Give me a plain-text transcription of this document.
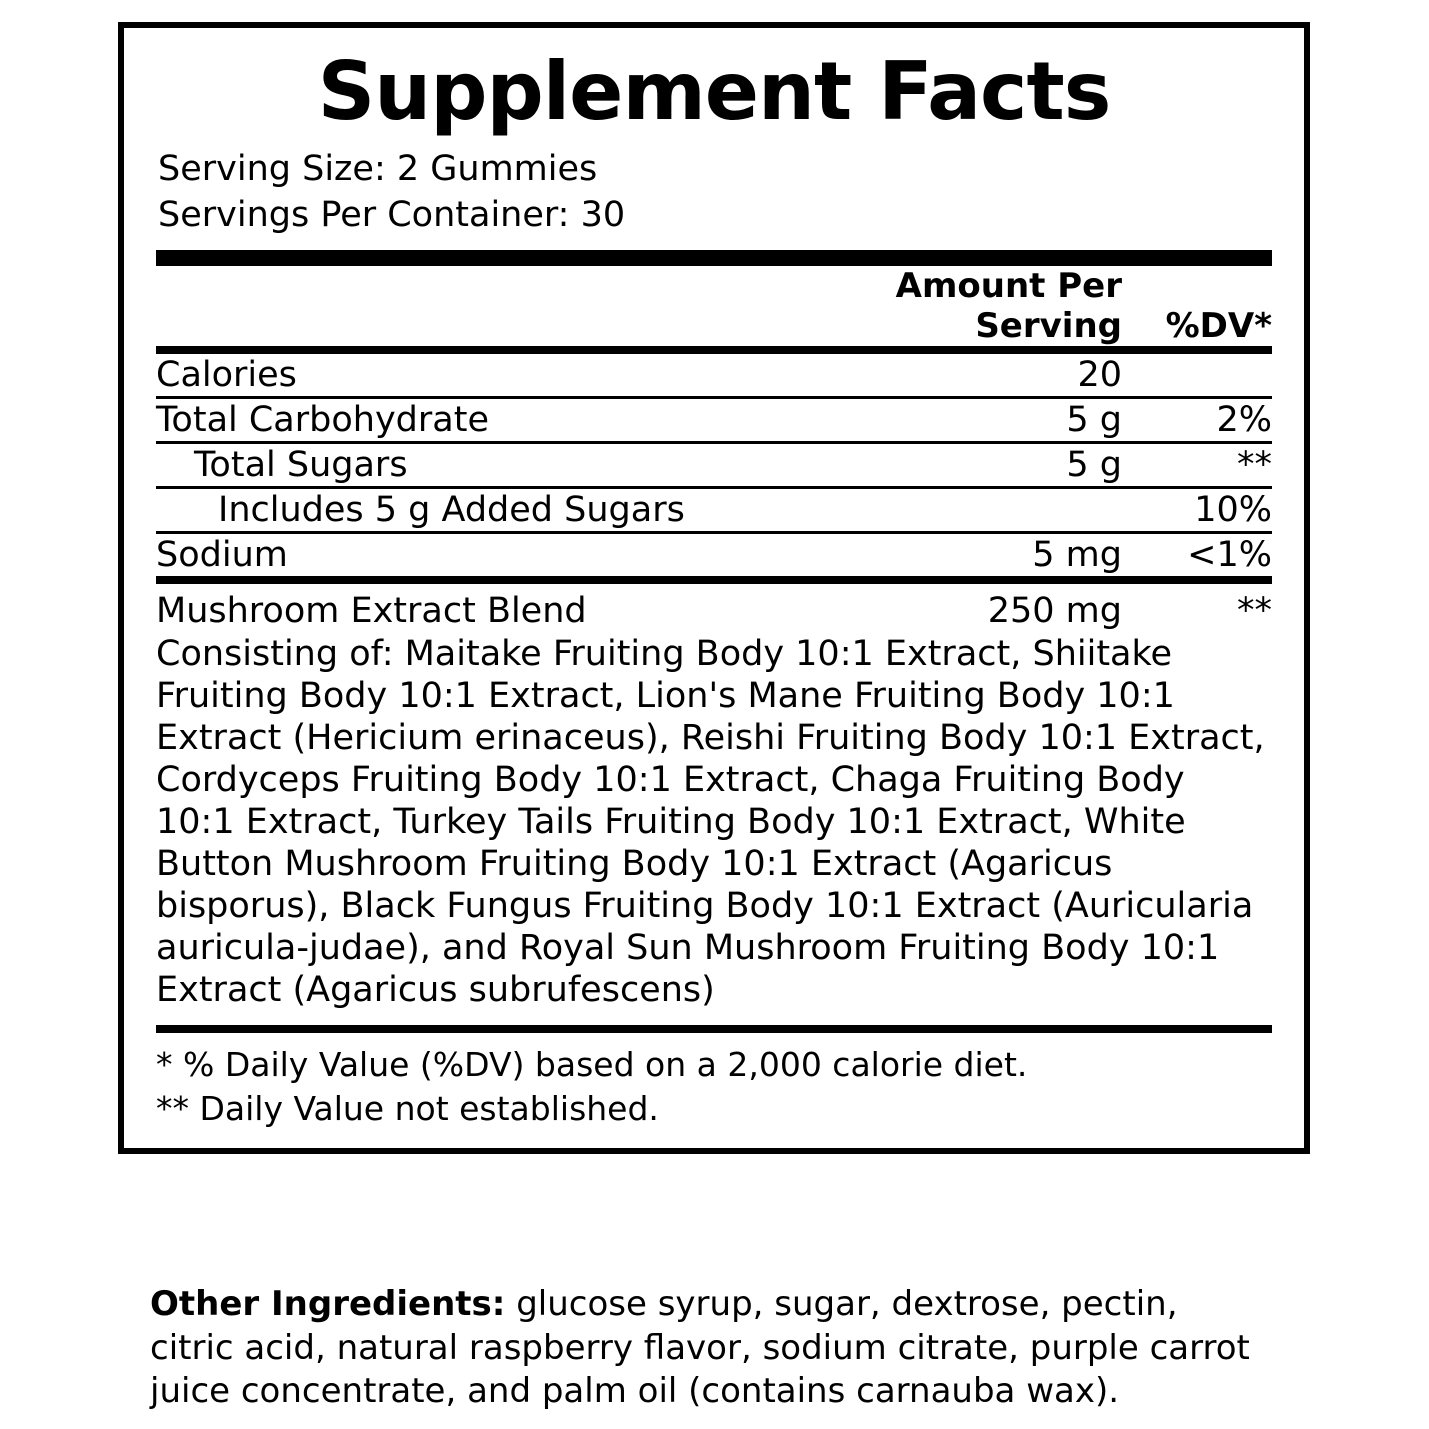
Supplement Facts
Serving Size: 2 Gummies
Servings Per Container: 30
	Amount Per Serving	%DV*
Calories	20	
Total Carbohydrate	5 g	2%
Total Sugars	5 g	**
Includes 5 g Added Sugars		10%
Sodium	5 mg	<1%
Mushroom Extract Blend	250 mg	**
Consisting of: Maitake Fruiting Body 10:1 Extract, Shiitake Fruiting Body 10:1 Extract, Lion's Mane Fruiting Body 10:1 Extract (Hericium erinaceus), Reishi Fruiting Body 10:1 Extract, Cordyceps Fruiting Body 10:1 Extract, Chaga Fruiting Body 10:1 Extract, Turkey Tails Fruiting Body 10:1 Extract, White Button Mushroom Fruiting Body 10:1 Extract (Agaricus bisporus), Black Fungus Fruiting Body 10:1 Extract (Auricularia auricula-judae), and Royal Sun Mushroom Fruiting Body 10:1 Extract (Agaricus subrufescens)
* % Daily Value (%DV) based on a 2,000 calorie diet.
** Daily Value not established.
Other Ingredients: glucose syrup, sugar, dextrose, pectin, citric acid, natural raspberry flavor, sodium citrate, purple carrot juice concentrate, and palm oil (contains carnauba wax).
